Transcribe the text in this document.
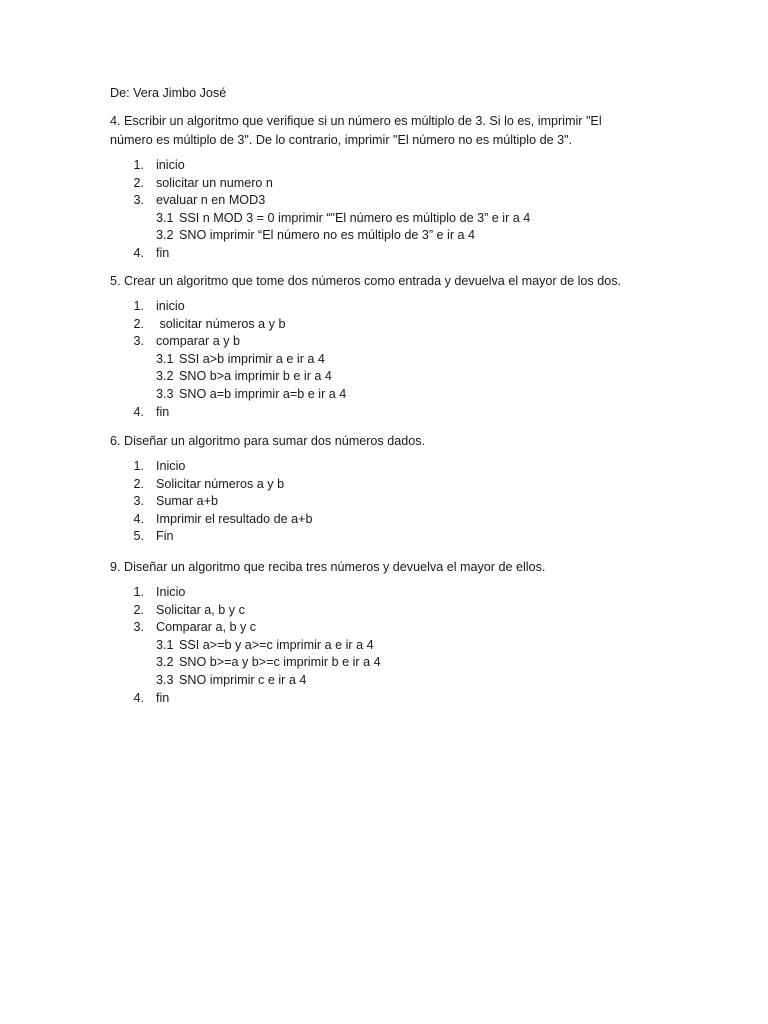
De: Vera Jimbo José
4. Escribir un algoritmo que verifique si un número es múltiplo de 3. Si lo es, imprimir "El
número es múltiplo de 3". De lo contrario, imprimir "El número no es múltiplo de 3".
1. inicio
2. solicitar un numero n
3. evaluar n en MOD3
3.1 SSI n MOD 3 = 0 imprimir “"El número es múltiplo de 3” e ir a 4
3.2 SNO imprimir “El número no es múltiplo de 3” e ir a 4
4. fin
5. Crear un algoritmo que tome dos números como entrada y devuelva el mayor de los dos.
1. inicio
2. solicitar números a y b
3. comparar a y b
3.1 SSI a>b imprimir a e ir a 4
3.2 SNO b>a imprimir b e ir a 4
3.3 SNO a=b imprimir a=b e ir a 4
4. fin
6. Diseñar un algoritmo para sumar dos números dados.
1. Inicio
2. Solicitar números a y b
3. Sumar a+b
4. Imprimir el resultado de a+b
5. Fin
9. Diseñar un algoritmo que reciba tres números y devuelva el mayor de ellos.
1. Inicio
2. Solicitar a, b y c
3. Comparar a, b y c
3.1 SSI a>=b y a>=c imprimir a e ir a 4
3.2 SNO b>=a y b>=c imprimir b e ir a 4
3.3 SNO imprimir c e ir a 4
4. fin
